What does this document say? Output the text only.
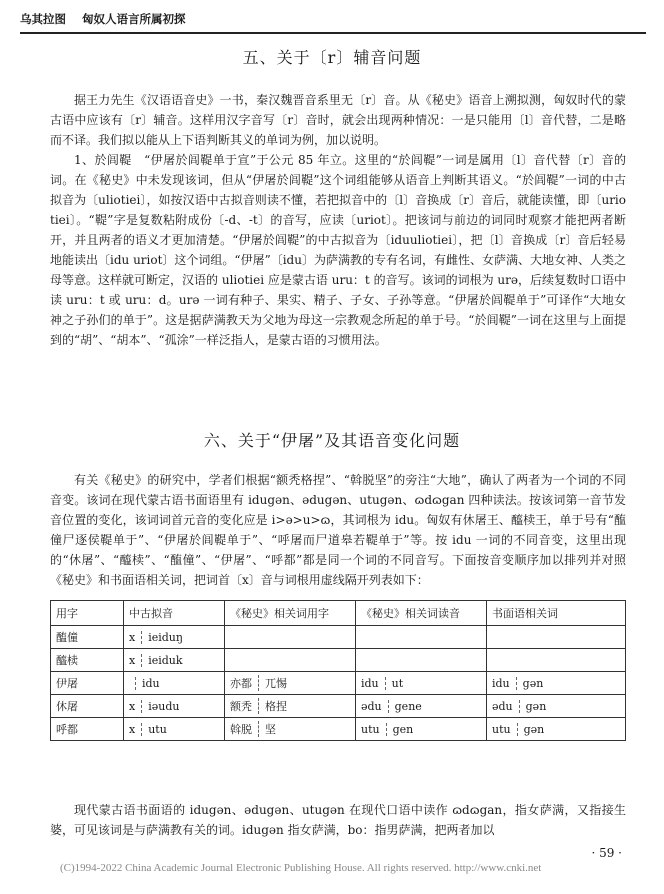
乌其拉图 匈奴人语言所属初探
五、关于〔r〕辅音问题

据王力先生《汉语语音史》一书，秦汉魏晋音系里无〔r〕音。从《秘史》语音上溯拟测，匈奴时代的蒙古语中应该有〔r〕辅音。这样用汉字音写〔r〕音时，就会出现两种情况：一是只能用〔l〕音代替，二是略而不译。我们拟以能从上下语判断其义的单词为例，加以说明。

1、於闾鞮　“伊屠於闾鞮单于宣”于公元 85 年立。这里的“於闾鞮”一词是属用〔l〕音代替〔r〕音的词。在《秘史》中未发现该词，但从“伊屠於闾鞮”这个词组能够从语音上判断其语义。“於闾鞮”一词的中古拟音为〔uliotiei〕，如按汉语中古拟音则读不懂，若把拟音中的〔l〕音换成〔r〕音后，就能读懂，即〔uriotiei〕。“鞮”字是复数粘附成份〔-d、-t〕的音写，应读〔uriot〕。把该词与前边的词同时观察才能把两者断开，并且两者的语义才更加清楚。“伊屠於闾鞮”的中古拟音为〔iduuliotiei〕，把〔l〕音换成〔r〕音后轻易地能读出〔idu uriot〕这个词组。“伊屠”〔idu〕为萨满教的专有名词，有雌性、女萨满、大地女神、人类之母等意。这样就可断定，汉语的 uliotiei 应是蒙古语 uru：t 的音写。该词的词根为 urə，后续复数时口语中读 uru：t 或 uru：d。urə 一词有种子、果实、精子、子女、子孙等意。“伊屠於闾鞮单于”可译作“大地女神之子孙们的单于”。这是据萨满教天为父地为母这一宗教观念所起的单于号。“於闾鞮”一词在这里与上面提到的“胡”、“胡本”、“孤涂”一样泛指人，是蒙古语的习惯用法。

六、关于“伊屠”及其语音变化问题

有关《秘史》的研究中，学者们根据“额秃格捏”、“斡脱坚”的旁注“大地”，确认了两者为一个词的不同音变。该词在现代蒙古语书面语里有 idugən、ədugən、utugən、ɷdɷgan 四种读法。按该词第一音节发音位置的变化，该词词首元音的变化应是 i>ə>u>ɷ，其词根为 idu。匈奴有休屠王、醯椟王，单于号有“醢僮尸逐侯鞮单于”、“伊屠於闾鞮单于”、“呼屠而尸道皋若鞮单于”等。按 idu 一词的不同音变，这里出现的“休屠”、“醯椟”、“醢僮”、“伊屠”、“呼都”都是同一个词的不同音写。下面按音变顺序加以排列并对照《秘史》和书面语相关词，把词首〔x〕音与词根用虚线隔开列表如下：

用字	中古拟音	《秘史》相关词用字	《秘史》相关词读音	书面语相关词
醢僮	x ieiduŋ			

醯椟	x ieiduk			

伊屠	idu	亦都 兀惕	idu ut	idu gən

休屠	x iəudu	额秃 格捏	ədu gene	ədu gən

呼都	x utu	斡脱 坚	utu gen	utu gən

现代蒙古语书面语的 idugən、ədugən、utugən 在现代口语中读作 ɷdɷgan，指女萨满，又指接生婆，可见该词是与萨满教有关的词。idugən 指女萨满，bo：指男萨满，把两者加以

· 59 ·
(C)1994-2022 China Academic Journal Electronic Publishing House. All rights reserved. http://www.cnki.net
